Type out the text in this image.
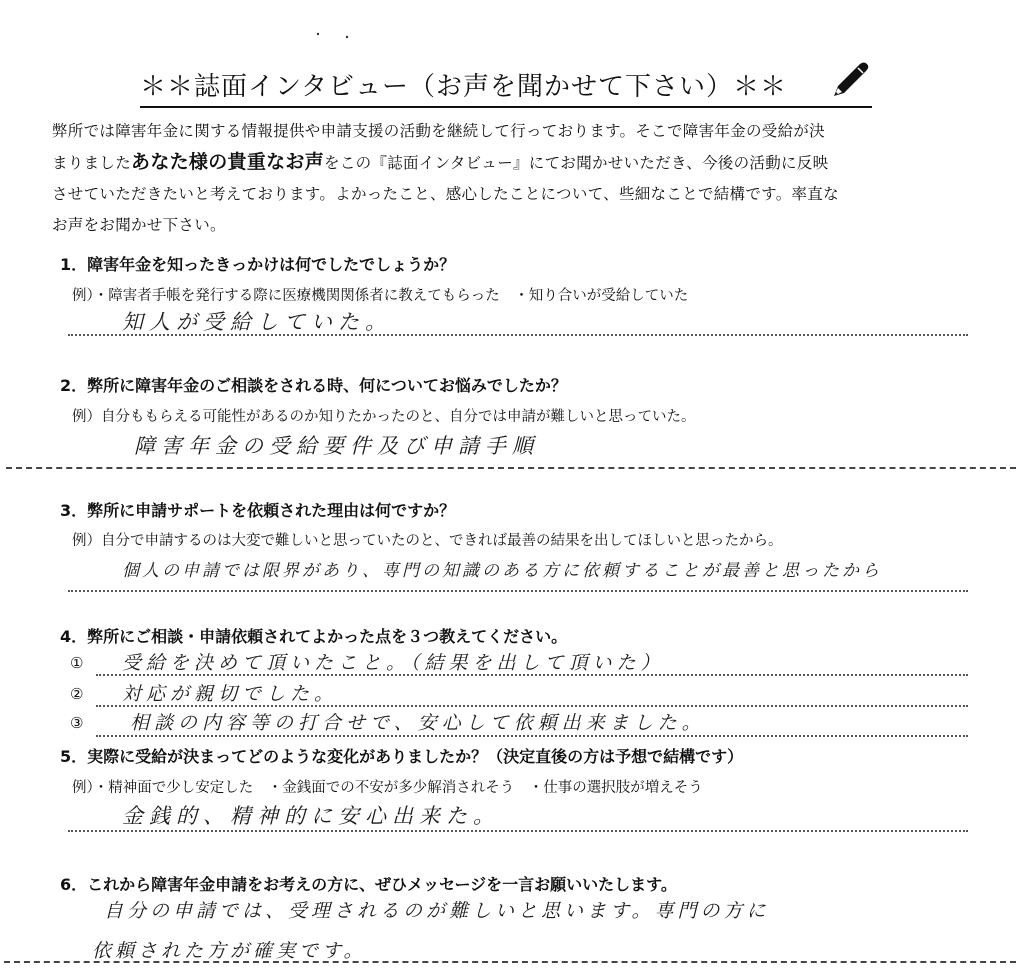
＊＊誌面インタビュー（お声を聞かせて下さい）＊＊
弊所では障害年金に関する情報提供や申請支援の活動を継続して行っております。そこで障害年金の受給が決
まりましたあなた様の貴重なお声をこの『誌面インタビュー』にてお聞かせいただき、今後の活動に反映
させていただきたいと考えております。よかったこと、感心したことについて、些細なことで結構です。率直な
お声をお聞かせ下さい。
1．障害年金を知ったきっかけは何でしたでしょうか？
例）・障害者手帳を発行する際に医療機関関係者に教えてもらった　・知り合いが受給していた
知人が受給していた。
2．弊所に障害年金のご相談をされる時、何についてお悩みでしたか？
例）自分ももらえる可能性があるのか知りたかったのと、自分では申請が難しいと思っていた。
障害年金の受給要件及び申請手順
3．弊所に申請サポートを依頼された理由は何ですか？
例）自分で申請するのは大変で難しいと思っていたのと、できれば最善の結果を出してほしいと思ったから。
個人の申請では限界があり、専門の知識のある方に依頼することが最善と思ったから
4．弊所にご相談・申請依頼されてよかった点を３つ教えてください。
① 受給を決めて頂いたこと。（結果を出して頂いた）
② 対応が親切でした。
③ 相談の内容等の打合せで、安心して依頼出来ました。
5．実際に受給が決まってどのような変化がありましたか？（決定直後の方は予想で結構です）
例）・精神面で少し安定した　・金銭面での不安が多少解消されそう　・仕事の選択肢が増えそう
金銭的、精神的に安心出来た。
6．これから障害年金申請をお考えの方に、ぜひメッセージを一言お願いいたします。
自分の申請では、受理されるのが難しいと思います。専門の方に
依頼された方が確実です。
